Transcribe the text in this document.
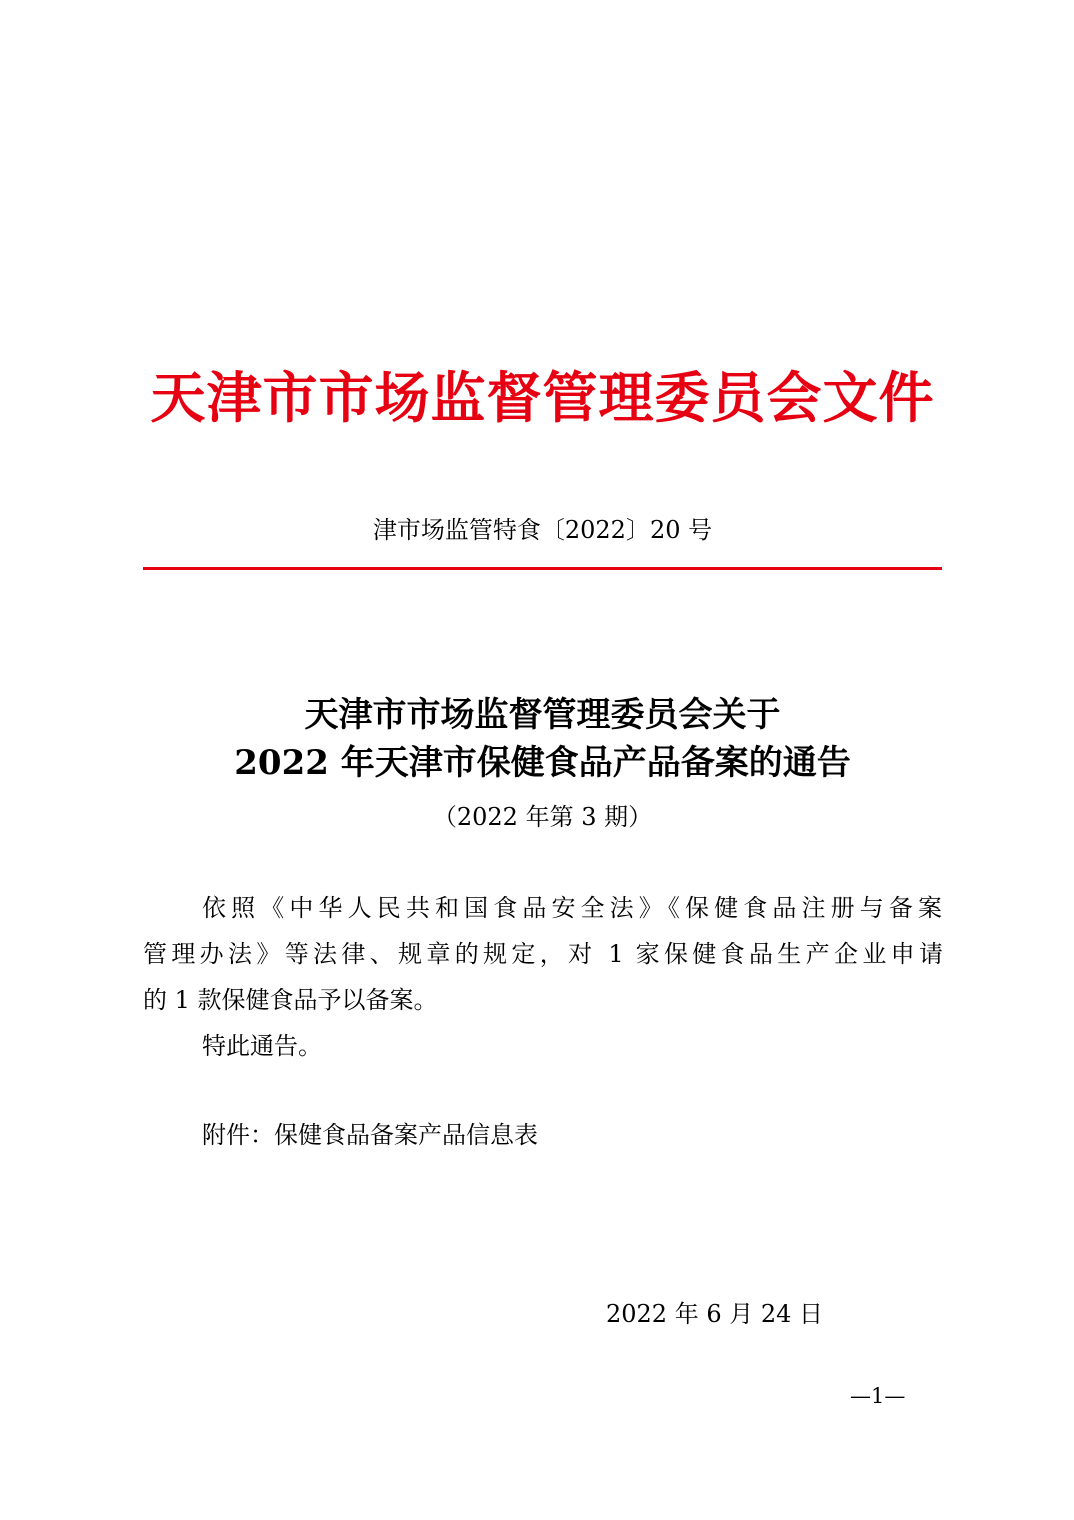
天津市市场监督管理委员会文件
津市场监管特食〔2022〕20 号
天津市市场监督管理委员会关于
2022 年天津市保健食品产品备案的通告
（2022 年第 3 期）
依照《中华人民共和国食品安全法》《保健食品注册与备案
管理办法》等法律、规章的规定，对 1 家保健食品生产企业申请
的 1 款保健食品予以备案。
特此通告。
附件：保健食品备案产品信息表
2022 年 6 月 24 日
—1—
